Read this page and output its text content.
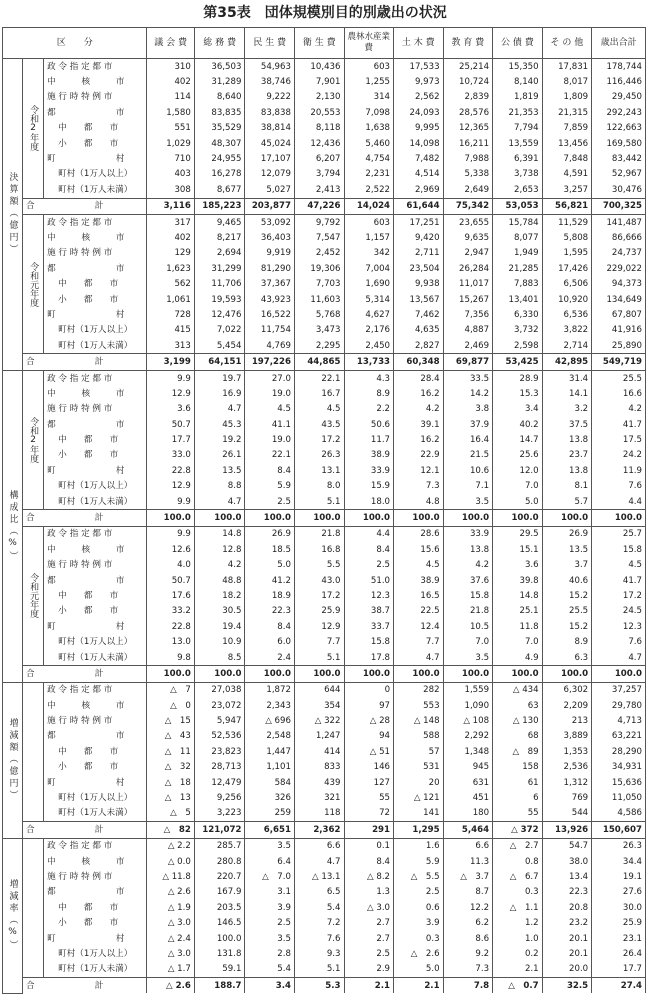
第35表　団体規模別目的別歳出の状況
区　　分			議 会 費	総 務 費	民 生 費	衛 生 費	農林水産業費	土 木 費	教 育 費	公 債 費	そ の 他	歳出合計
決算額（億円）	令和2年度	政 令 指 定 都 市	310	36,503	54,963	10,436	603	17,533	25,214	15,350	17,831	178,744
		中　　　核　　　市	402	31,289	38,746	7,901	1,255	9,973	10,724	8,140	8,017	116,446
		施 行 時 特 例 市	114	8,640	9,222	2,130	314	2,562	2,839	1,819	1,809	29,450
		都　　　　　　　市	1,580	83,835	83,838	20,553	7,098	24,093	28,576	21,353	21,315	292,243
		中　　都　　市	551	35,529	38,814	8,118	1,638	9,995	12,365	7,794	7,859	122,663
		小　　都　　市	1,029	48,307	45,024	12,436	5,460	14,098	16,211	13,559	13,456	169,580
		町　　　　　　　村	710	24,955	17,107	6,207	4,754	7,482	7,988	6,391	7,848	83,442
		町村（1万人以上）	403	16,278	12,079	3,794	2,231	4,514	5,338	3,738	4,591	52,967
		町村（1万人未満）	308	8,677	5,027	2,413	2,522	2,969	2,649	2,653	3,257	30,476
	合　　　　　　　計		3,116	185,223	203,877	47,226	14,024	61,644	75,342	53,053	56,821	700,325
	令和元年度	政 令 指 定 都 市	317	9,465	53,092	9,792	603	17,251	23,655	15,784	11,529	141,487
		中　　　核　　　市	402	8,217	36,403	7,547	1,157	9,420	9,635	8,077	5,808	86,666
		施 行 時 特 例 市	129	2,694	9,919	2,452	342	2,711	2,947	1,949	1,595	24,737
		都　　　　　　　市	1,623	31,299	81,290	19,306	7,004	23,504	26,284	21,285	17,426	229,022
		中　　都　　市	562	11,706	37,367	7,703	1,690	9,938	11,017	7,883	6,506	94,373
		小　　都　　市	1,061	19,593	43,923	11,603	5,314	13,567	15,267	13,401	10,920	134,649
		町　　　　　　　村	728	12,476	16,522	5,768	4,627	7,462	7,356	6,330	6,536	67,807
		町村（1万人以上）	415	7,022	11,754	3,473	2,176	4,635	4,887	3,732	3,822	41,916
		町村（1万人未満）	313	5,454	4,769	2,295	2,450	2,827	2,469	2,598	2,714	25,890
	合　　　　　　　計		3,199	64,151	197,226	44,865	13,733	60,348	69,877	53,425	42,895	549,719
構成比（%）	令和2年度	政 令 指 定 都 市	9.9	19.7	27.0	22.1	4.3	28.4	33.5	28.9	31.4	25.5
		中　　　核　　　市	12.9	16.9	19.0	16.7	8.9	16.2	14.2	15.3	14.1	16.6
		施 行 時 特 例 市	3.6	4.7	4.5	4.5	2.2	4.2	3.8	3.4	3.2	4.2
		都　　　　　　　市	50.7	45.3	41.1	43.5	50.6	39.1	37.9	40.2	37.5	41.7
		中　　都　　市	17.7	19.2	19.0	17.2	11.7	16.2	16.4	14.7	13.8	17.5
		小　　都　　市	33.0	26.1	22.1	26.3	38.9	22.9	21.5	25.6	23.7	24.2
		町　　　　　　　村	22.8	13.5	8.4	13.1	33.9	12.1	10.6	12.0	13.8	11.9
		町村（1万人以上）	12.9	8.8	5.9	8.0	15.9	7.3	7.1	7.0	8.1	7.6
		町村（1万人未満）	9.9	4.7	2.5	5.1	18.0	4.8	3.5	5.0	5.7	4.4
	合　　　　　　　計		100.0	100.0	100.0	100.0	100.0	100.0	100.0	100.0	100.0	100.0
	令和元年度	政 令 指 定 都 市	9.9	14.8	26.9	21.8	4.4	28.6	33.9	29.5	26.9	25.7
		中　　　核　　　市	12.6	12.8	18.5	16.8	8.4	15.6	13.8	15.1	13.5	15.8
		施 行 時 特 例 市	4.0	4.2	5.0	5.5	2.5	4.5	4.2	3.6	3.7	4.5
		都　　　　　　　市	50.7	48.8	41.2	43.0	51.0	38.9	37.6	39.8	40.6	41.7
		中　　都　　市	17.6	18.2	18.9	17.2	12.3	16.5	15.8	14.8	15.2	17.2
		小　　都　　市	33.2	30.5	22.3	25.9	38.7	22.5	21.8	25.1	25.5	24.5
		町　　　　　　　村	22.8	19.4	8.4	12.9	33.7	12.4	10.5	11.8	15.2	12.3
		町村（1万人以上）	13.0	10.9	6.0	7.7	15.8	7.7	7.0	7.0	8.9	7.6
		町村（1万人未満）	9.8	8.5	2.4	5.1	17.8	4.7	3.5	4.9	6.3	4.7
	合　　　　　　　計		100.0	100.0	100.0	100.0	100.0	100.0	100.0	100.0	100.0	100.0
増減額（億円）		政 令 指 定 都 市	△　7	27,038	1,872	644	0	282	1,559	△ 434	6,302	37,257
		中　　　核　　　市	△　0	23,072	2,343	354	97	553	1,090	63	2,209	29,780
		施 行 時 特 例 市	△　15	5,947	△ 696	△ 322	△ 28	△ 148	△ 108	△ 130	213	4,713
		都　　　　　　　市	△　43	52,536	2,548	1,247	94	588	2,292	68	3,889	63,221
		中　　都　　市	△　11	23,823	1,447	414	△ 51	57	1,348	△　89	1,353	28,290
		小　　都　　市	△　32	28,713	1,101	833	146	531	945	158	2,536	34,931
		町　　　　　　　村	△　18	12,479	584	439	127	20	631	61	1,312	15,636
		町村（1万人以上）	△　13	9,256	326	321	55	△ 121	451	6	769	11,050
		町村（1万人未満）	△　5	3,223	259	118	72	141	180	55	544	4,586
	合　　　　　　　計		△　82	121,072	6,651	2,362	291	1,295	5,464	△ 372	13,926	150,607
増減率（%）		政 令 指 定 都 市	△ 2.2	285.7	3.5	6.6	0.1	1.6	6.6	△　2.7	54.7	26.3
		中　　　核　　　市	△ 0.0	280.8	6.4	4.7	8.4	5.9	11.3	0.8	38.0	34.4
		施 行 時 特 例 市	△ 11.8	220.7	△　7.0	△ 13.1	△ 8.2	△　5.5	△　3.7	△　6.7	13.4	19.1
		都　　　　　　　市	△ 2.6	167.9	3.1	6.5	1.3	2.5	8.7	0.3	22.3	27.6
		中　　都　　市	△ 1.9	203.5	3.9	5.4	△ 3.0	0.6	12.2	△　1.1	20.8	30.0
		小　　都　　市	△ 3.0	146.5	2.5	7.2	2.7	3.9	6.2	1.2	23.2	25.9
		町　　　　　　　村	△ 2.4	100.0	3.5	7.6	2.7	0.3	8.6	1.0	20.1	23.1
		町村（1万人以上）	△ 3.0	131.8	2.8	9.3	2.5	△　2.6	9.2	0.2	20.1	26.4
		町村（1万人未満）	△ 1.7	59.1	5.4	5.1	2.9	5.0	7.3	2.1	20.0	17.7
	合　　　　　　　計		△ 2.6	188.7	3.4	5.3	2.1	2.1	7.8	△　0.7	32.5	27.4
